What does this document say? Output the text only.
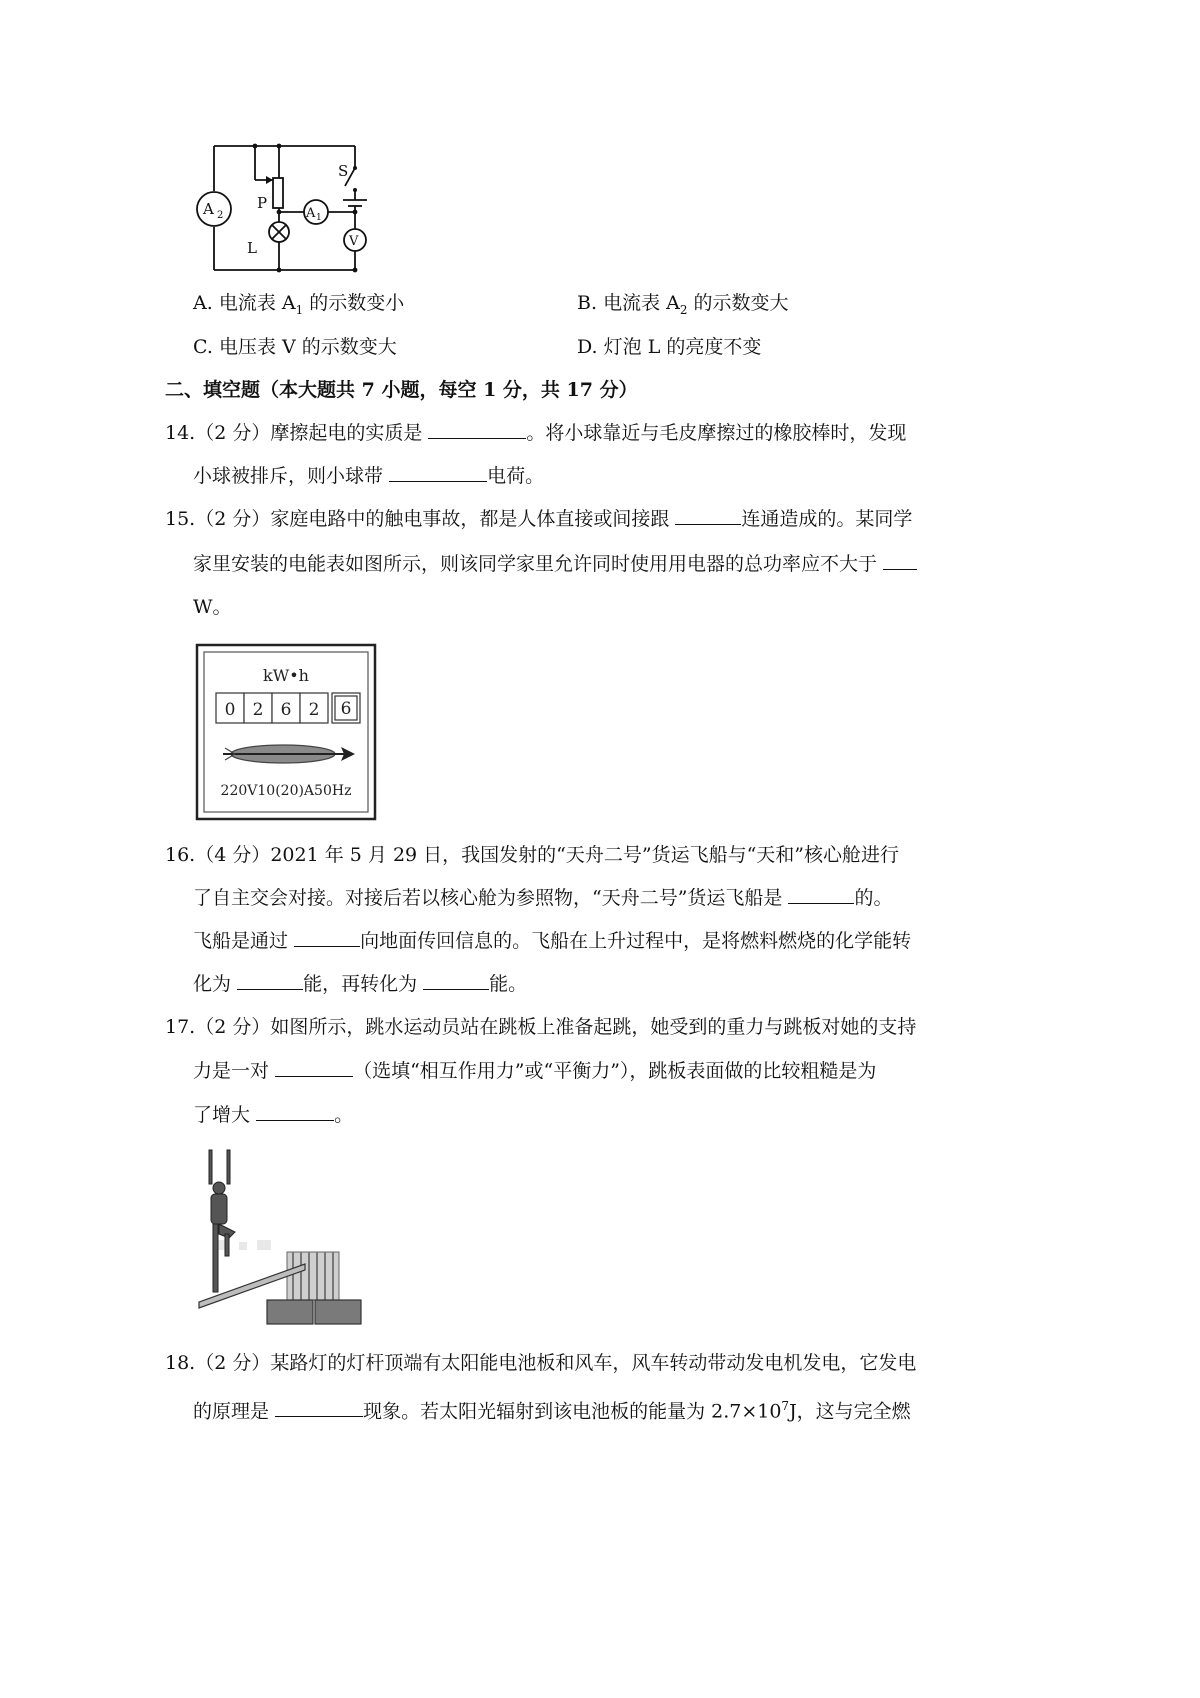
S
P
L
A 2	A 1
V
A. 电流表 $A_1$ 的示数变小	B. 电流表 $A_2$ 的示数变大
C. 电压表 V 的示数变大	D. 灯泡 L 的亮度不变
二、填空题（本大题共 7 小题，每空 1 分，共 17 分）
14.（2 分）摩擦起电的实质是	。将小球靠近与毛皮摩擦过的橡胶棒时，发现
小球被排斥，则小球带	电荷。
15.（2 分）家庭电路中的触电事故，都是人体直接或间接跟	连通造成的。某同学
家里安装的电能表如图所示，则该同学家里允许同时使用用电器的总功率应不大于
W。
kW•h
0 2 6 2 6
220V10(20)A50Hz
16.（4 分）2021 年 5 月 29 日，我国发射的“天舟二号”货运飞船与“天和”核心舱进行
了自主交会对接。对接后若以核心舱为参照物，“天舟二号”货运飞船是	的。
飞船是通过	向地面传回信息的。飞船在上升过程中，是将燃料燃烧的化学能转
化为	能，再转化为	能。
17.（2 分）如图所示，跳水运动员站在跳板上准备起跳，她受到的重力与跳板对她的支持
力是一对	（选填“相互作用力”或“平衡力”），跳板表面做的比较粗糙是为
了增大	。
18.（2 分）某路灯的灯杆顶端有太阳能电池板和风车，风车转动带动发电机发电，它发电
的原理是	现象。若太阳光辐射到该电池板的能量为 $2.7\times 10^7J$，这与完全燃
